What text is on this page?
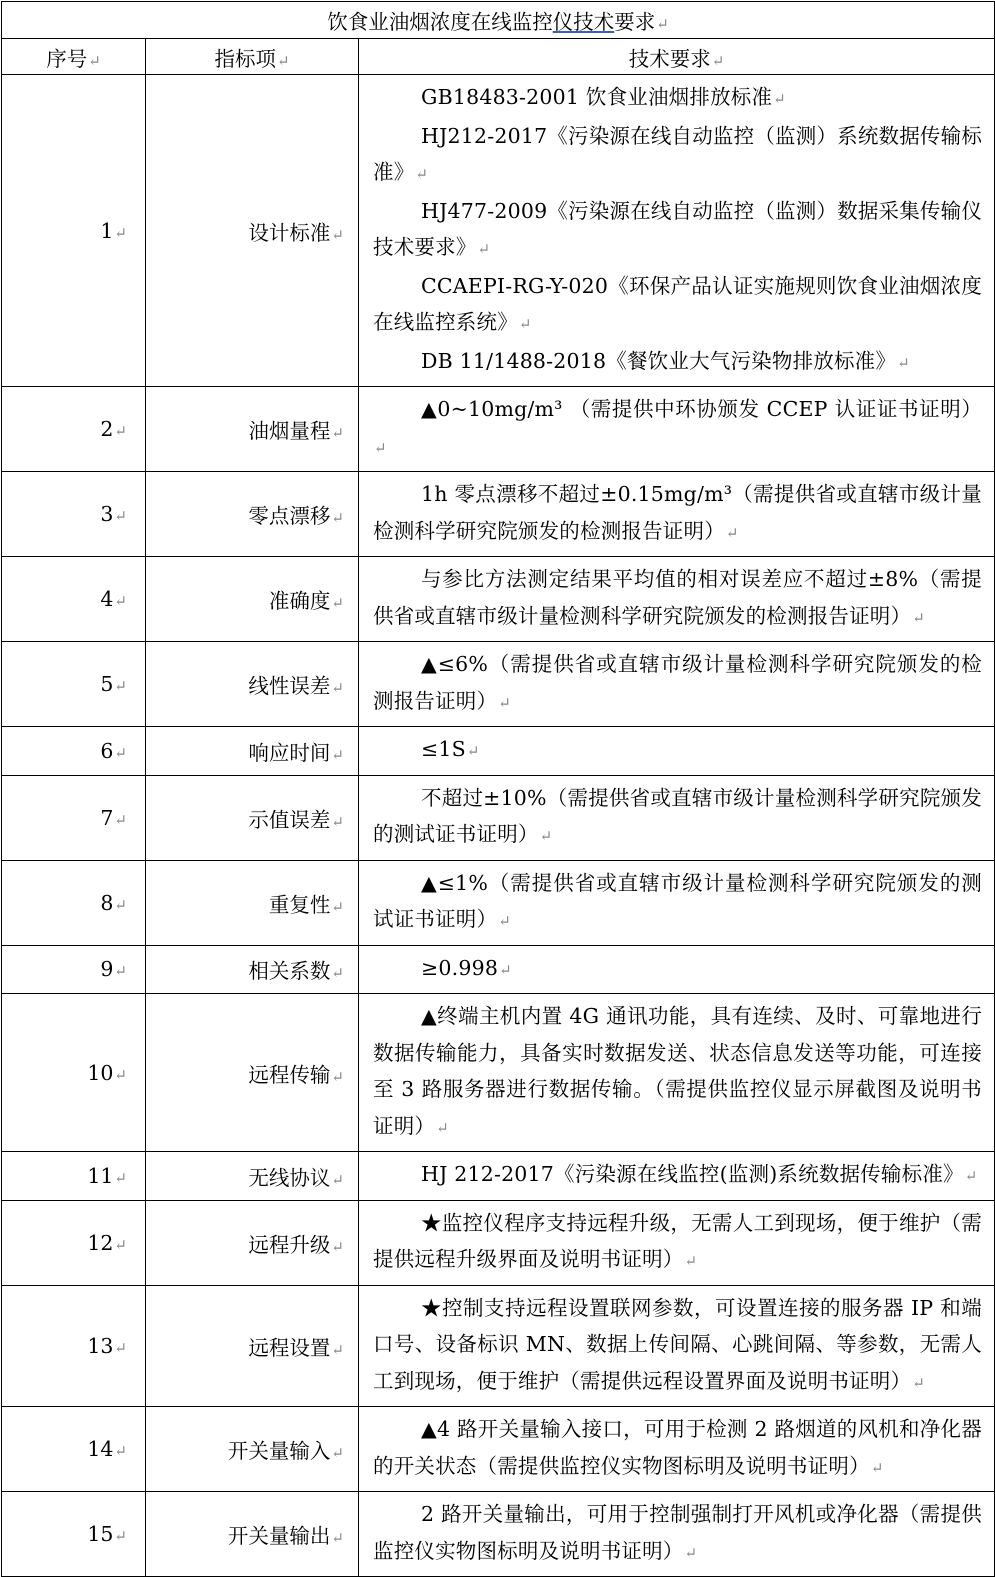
饮食业油烟浓度在线监控仪技术要求↵		
序号↵	指标项↵	技术要求↵
1↵	设计标准↵	GB18483-2001 饮食业油烟排放标准↵
HJ212-2017《污染源在线自动监控（监测）系统数据传输标准》↵
HJ477-2009《污染源在线自动监控（监测）数据采集传输仪技术要求》↵
CCAEPI-RG-Y-020《环保产品认证实施规则饮食业油烟浓度在线监控系统》↵
DB 11/1488-2018《餐饮业大气污染物排放标准》↵

2↵	油烟量程↵	▲0~10mg/m³ （需提供中环协颁发 CCEP 认证证书证明）↵

3↵	零点漂移↵	1h 零点漂移不超过±0.15mg/m³（需提供省或直辖市级计量检测科学研究院颁发的检测报告证明）↵

4↵	准确度↵	与参比方法测定结果平均值的相对误差应不超过±8%（需提供省或直辖市级计量检测科学研究院颁发的检测报告证明）↵

5↵	线性误差↵	▲≤6%（需提供省或直辖市级计量检测科学研究院颁发的检测报告证明）↵

6↵	响应时间↵	≤1S↵

7↵	示值误差↵	不超过±10%（需提供省或直辖市级计量检测科学研究院颁发的测试证书证明）↵

8↵	重复性↵	▲≤1%（需提供省或直辖市级计量检测科学研究院颁发的测试证书证明）↵

9↵	相关系数↵	≥0.998↵

10↵	远程传输↵	▲终端主机内置 4G 通讯功能，具有连续、及时、可靠地进行数据传输能力，具备实时数据发送、状态信息发送等功能，可连接至 3 路服务器进行数据传输。（需提供监控仪显示屏截图及说明书证明）↵

11↵	无线协议↵	HJ 212-2017《污染源在线监控(监测)系统数据传输标准》↵

12↵	远程升级↵	★监控仪程序支持远程升级，无需人工到现场，便于维护（需提供远程升级界面及说明书证明）↵

13↵	远程设置↵	★控制支持远程设置联网参数，可设置连接的服务器 IP 和端口号、设备标识 MN、数据上传间隔、心跳间隔、等参数，无需人工到现场，便于维护（需提供远程设置界面及说明书证明）↵

14↵	开关量输入↵	▲4 路开关量输入接口，可用于检测 2 路烟道的风机和净化器的开关状态（需提供监控仪实物图标明及说明书证明）↵

15↵	开关量输出↵	2 路开关量输出，可用于控制强制打开风机或净化器（需提供监控仪实物图标明及说明书证明）↵
